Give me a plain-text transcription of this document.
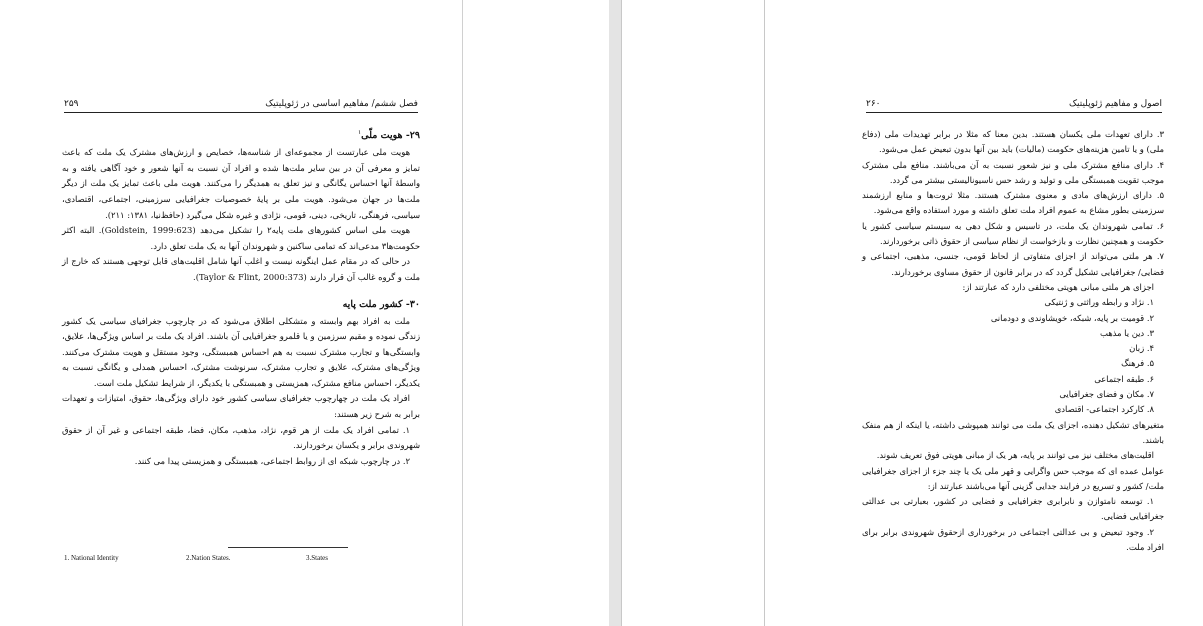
۲۵۹	فصل ششم/ مفاهیم اساسی در ژئوپلیتیک
۲۹- هویت ملّی$^۱$

هویت ملی عبارتست از مجموعه‌ای از شناسه‌ها، خصایص و ارزش‌های مشترک یک ملت که باعث تمایز و معرفی آن در بین سایر ملت‌ها شده و افراد آن نسبت به آنها شعور و خود آگاهی یافته و به واسطهٔ آنها احساس یگانگی و نیز تعلق به همدیگر را می‌کنند. هویت ملی باعث تمایز یک ملت از دیگر ملت‌ها در جهان می‌شود. هویت ملی بر پایهٔ خصوصیات جغرافیایی سرزمینی، اجتماعی، اقتصادی، سیاسی، فرهنگی، تاریخی، دینی، قومی، نژادی و غیره شکل می‌گیرد (حافظ‌نیا، ۱۳۸۱: ۲۱۱).

هویت ملی اساس کشورهای ملت پایه۲ را تشکیل می‌دهد (Goldstein, 1999:623). البته اکثر حکومت‌ها۳ مدعی‌اند که تمامی ساکنین و شهروندان آنها به یک ملت تعلق دارد.

در حالی که در مقام عمل اینگونه نیست و اغلب آنها شامل اقلیت‌های قابل توجهی هستند که خارج از ملت و گروه غالب آن قرار دارند (Taylor & Flint, 2000:373).

۳۰- کشور ملت پایه

ملت به افراد بهم وابسته و متشکلی اطلاق می‌شود که در چارچوب جغرافیای سیاسی یک کشور زندگی نموده و مقیم سرزمین و یا قلمرو جغرافیایی آن باشند. افراد یک ملت بر اساس ویژگی‌ها، علایق، وابستگی‌ها و تجارب مشترک نسبت به هم احساس همبستگی، وجود مستقل و هویت مشترک می‌کنند. ویژگی‌های مشترک، علایق و تجارب مشترک، سرنوشت مشترک، احساس همدلی و یگانگی نسبت به یکدیگر، احساس منافع مشترک، همزیستی و همبستگی با یکدیگر، از شرایط تشکیل ملت است.

افراد یک ملت در چهارچوب جغرافیای سیاسی کشور خود دارای ویژگی‌ها، حقوق، امتیازات و تعهدات برابر به شرح زیر هستند:

۱. تمامی افراد یک ملت از هر قوم، نژاد، مذهب، مکان، فضا، طبقه اجتماعی و غیر آن از حقوق شهروندی برابر و یکسان برخوردارند.

۲. در چارچوب شبکه ای از روابط اجتماعی، همبستگی و همزیستی پیدا می کنند.

1. National Identity	2.Nation States.	3.States
۲۶۰	اصول و مفاهیم ژئوپلیتیک

۳. دارای تعهدات ملی یکسان هستند. بدین معنا که مثلا در برابر تهدیدات ملی (دفاع ملی) و یا تامین هزینه‌های حکومت (مالیات) باید بین آنها بدون تبعیض عمل می‌شود.

۴. دارای منافع مشترک ملی و نیز شعور نسبت به آن می‌باشند. منافع ملی مشترک موجب تقویت همبستگی ملی و تولید و رشد حس ناسیونالیستی بیشتر می گردد.

۵. دارای ارزش‌های مادی و معنوی مشترک هستند. مثلا ثروت‌ها و منابع ارزشمند سرزمینی بطور مشاع به عموم افراد ملت تعلق داشته و مورد استفاده واقع می‌شود.

۶. تمامی شهروندان یک ملت، در تاسیس و شکل دهی به سیستم سیاسی کشور یا حکومت و همچنین نظارت و بازخواست از نظام سیاسی از حقوق ذاتی برخوردارند.

۷. هر ملتی می‌تواند از اجزای متفاوتی از لحاظ قومی، جنسی، مذهبی، اجتماعی و فضایی/ جغرافیایی تشکیل گردد که در برابر قانون از حقوق مساوی برخوردارند.

اجزای هر ملتی مبانی هویتی مختلفی دارد که عبارتند از:

۱. نژاد و رابطه وراثتی و ژنتیکی

۲. قومیت بر پایه، شبکه، خویشاوندی و دودمانی

۳. دین یا مذهب

۴. زبان

۵. فرهنگ

۶. طبقه اجتماعی

۷. مکان و فضای جغرافیایی

۸. کارکرد اجتماعی- اقتصادی

متغیرهای تشکیل دهنده، اجزای یک ملت می توانند همپوشی داشته، یا اینکه از هم منفک باشند.

اقلیت‌های مختلف نیز می توانند بر پایه، هر یک از مبانی هویتی فوق تعریف شوند.

عوامل عمده ای که موجب حس واگرایی و قهر ملی یک یا چند جزء از اجزای جغرافیایی ملت/ کشور و تسریع در فرایند جدایی گزینی آنها می‌باشند عبارتند از:

۱. توسعه نامتوازن و نابرابری جغرافیایی و فضایی در کشور، بعبارتی بی عدالتی جغرافیایی فضایی.

۲. وجود تبعیض و بی عدالتی اجتماعی در برخورداری ازحقوق شهروندی برابر برای افراد ملت.
